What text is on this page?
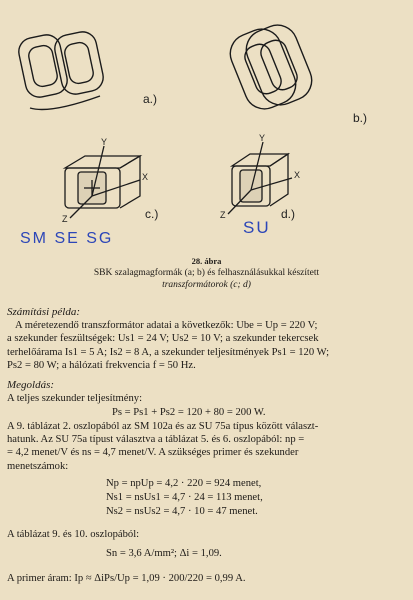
a.)
b.)
c.)	d.)
Y
X
Z
Y
X
Z
SM SE SG
SU
28. ábra
SBK szalagmagformák (a; b) és felhasználásukkal készített
transzformátorok (c; d)

Számítási példa:

A méretezendő transzformátor adatai a következők: Ube = Up = 220 V;

a szekunder feszültségek: Us1 = 24 V; Us2 = 10 V; a szekunder tekercsek

terhelőárama Is1 = 5 A; Is2 = 8 A, a szekunder teljesítmények Ps1 = 120 W;

Ps2 = 80 W; a hálózati frekvencia f = 50 Hz.

Megoldás:

A teljes szekunder teljesítmény:

Ps = Ps1 + Ps2 = 120 + 80 = 200 W.

A 9. táblázat 2. oszlopából az SM 102a és az SU 75a típus között választ-

hatunk. Az SU 75a típust választva a táblázat 5. és 6. oszlopából: np =

= 4,2 menet/V és ns = 4,7 menet/V. A szükséges primer és szekunder

menetszámok:

Np = npUp = 4,2 · 220 = 924 menet,
Ns1 = nsUs1 = 4,7 · 24 = 113 menet,
Ns2 = nsUs2 = 4,7 · 10 = 47 menet.

A táblázat 9. és 10. oszlopából:

Sn = 3,6 A/mm²; Δi = 1,09.

A primer áram: Ip ≈ ΔiPs/Up = 1,09 · 200/220 = 0,99 A.
